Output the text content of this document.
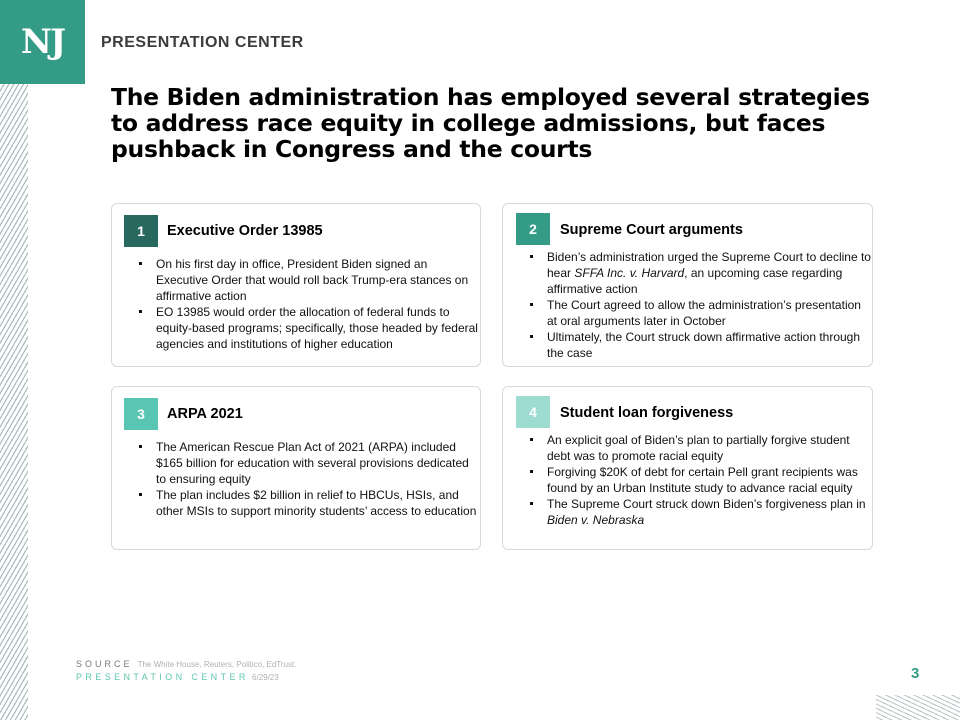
NJ PRESENTATION CENTER
The Biden administration has employed several strategies to address race equity in college admissions, but faces pushback in Congress and the courts
1	Executive Order 13985
On his first day in office, President Biden signed an Executive Order that would roll back Trump-era stances on affirmative action
EO 13985 would order the allocation of federal funds to equity-based programs; specifically, those headed by federal agencies and institutions of higher education
2	Supreme Court arguments
Biden’s administration urged the Supreme Court to decline to hear SFFA Inc. v. Harvard, an upcoming case regarding affirmative action
The Court agreed to allow the administration’s presentation at oral arguments later in October
Ultimately, the Court struck down affirmative action through the case
3	ARPA 2021
The American Rescue Plan Act of 2021 (ARPA) included $165 billion for education with several provisions dedicated to ensuring equity
The plan includes $2 billion in relief to HBCUs, HSIs, and other MSIs to support minority students’ access to education
4	Student loan forgiveness
An explicit goal of Biden’s plan to partially forgive student debt was to promote racial equity
Forgiving $20K of debt for certain Pell grant recipients was found by an Urban Institute study to advance racial equity
The Supreme Court struck down Biden’s forgiveness plan in Biden v. Nebraska
SOURCE The White House, Reuters, Politico, EdTrust.
PRESENTATION CENTER 6/29/23	3
